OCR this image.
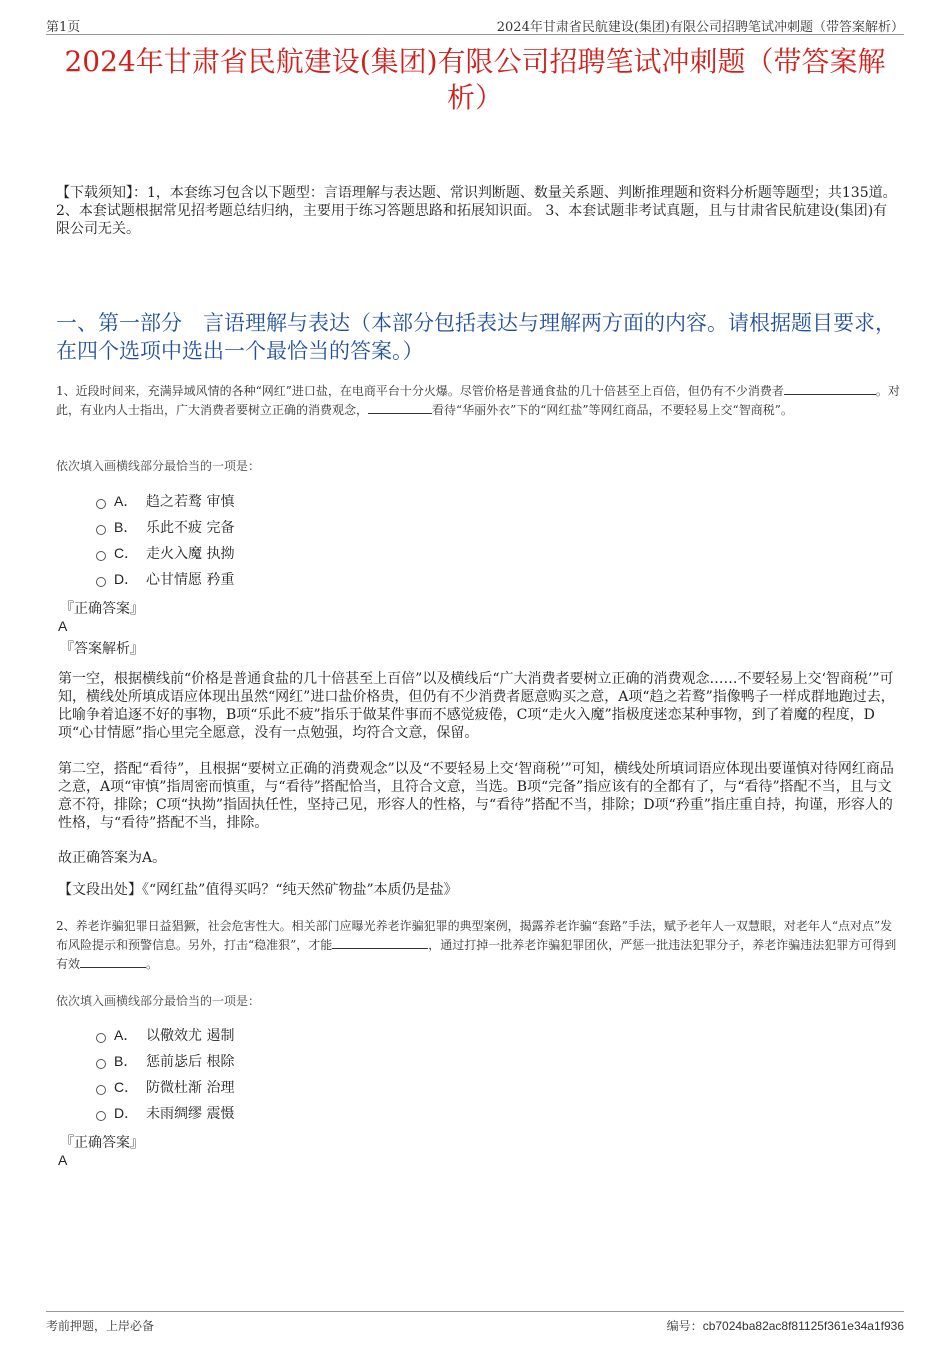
第1页	2024年甘肃省民航建设(集团)有限公司招聘笔试冲刺题（带答案解析）
2024年甘肃省民航建设(集团)有限公司招聘笔试冲刺题（带答案解析）
【下载须知】：1，本套练习包含以下题型：言语理解与表达题、常识判断题、数量关系题、判断推理题和资料分析题等题型；共135道。 2、本套试题根据常见招考题总结归纳，主要用于练习答题思路和拓展知识面。 3、本套试题非考试真题，且与甘肃省民航建设(集团)有限公司无关。
一、第一部分　言语理解与表达（本部分包括表达与理解两方面的内容。请根据题目要求，在四个选项中选出一个最恰当的答案。）
1、近段时间来，充满异域风情的各种“网红”进口盐，在电商平台十分火爆。尽管价格是普通食盐的几十倍甚至上百倍，但仍有不少消费者	。对此，有业内人士指出，广大消费者要树立正确的消费观念，	看待“华丽外衣”下的“网红盐”等网红商品，不要轻易上交“智商税”。
依次填入画横线部分最恰当的一项是：
A． 趋之若鹜 审慎
B． 乐此不疲 完备
C． 走火入魔 执拗
D． 心甘情愿 矜重
『正确答案』
A
『答案解析』
第一空，根据横线前“价格是普通食盐的几十倍甚至上百倍”以及横线后“广大消费者要树立正确的消费观念……不要轻易上交‘智商税’”可知，横线处所填成语应体现出虽然“网红”进口盐价格贵，但仍有不少消费者愿意购买之意，A项“趋之若鹜”指像鸭子一样成群地跑过去，比喻争着追逐不好的事物，B项“乐此不疲”指乐于做某件事而不感觉疲倦，C项“走火入魔”指极度迷恋某种事物，到了着魔的程度，D项“心甘情愿”指心里完全愿意，没有一点勉强，均符合文意，保留。
第二空，搭配“看待”，且根据“要树立正确的消费观念”以及“不要轻易上交‘智商税’”可知，横线处所填词语应体现出要谨慎对待网红商品之意，A项“审慎”指周密而慎重，与“看待”搭配恰当，且符合文意，当选。B项“完备”指应该有的全都有了，与“看待”搭配不当，且与文意不符，排除；C项“执拗”指固执任性，坚持己见，形容人的性格，与“看待”搭配不当，排除；D项“矜重”指庄重自持，拘谨，形容人的性格，与“看待”搭配不当，排除。
故正确答案为A。
【文段出处】《“网红盐”值得买吗？“纯天然矿物盐”本质仍是盐》
2、养老诈骗犯罪日益猖獗，社会危害性大。相关部门应曝光养老诈骗犯罪的典型案例，揭露养老诈骗“套路”手法，赋予老年人一双慧眼，对老年人“点对点”发布风险提示和预警信息。另外，打击“稳准狠”，才能	，通过打掉一批养老诈骗犯罪团伙，严惩一批违法犯罪分子，养老诈骗违法犯罪方可得到有效	。
依次填入画横线部分最恰当的一项是：
A． 以儆效尤 遏制
B． 惩前毖后 根除
C． 防微杜渐 治理
D． 未雨绸缪 震慑
『正确答案』
A
考前押题，上岸必备	编号：cb7024ba82ac8f81125f361e34a1f936
